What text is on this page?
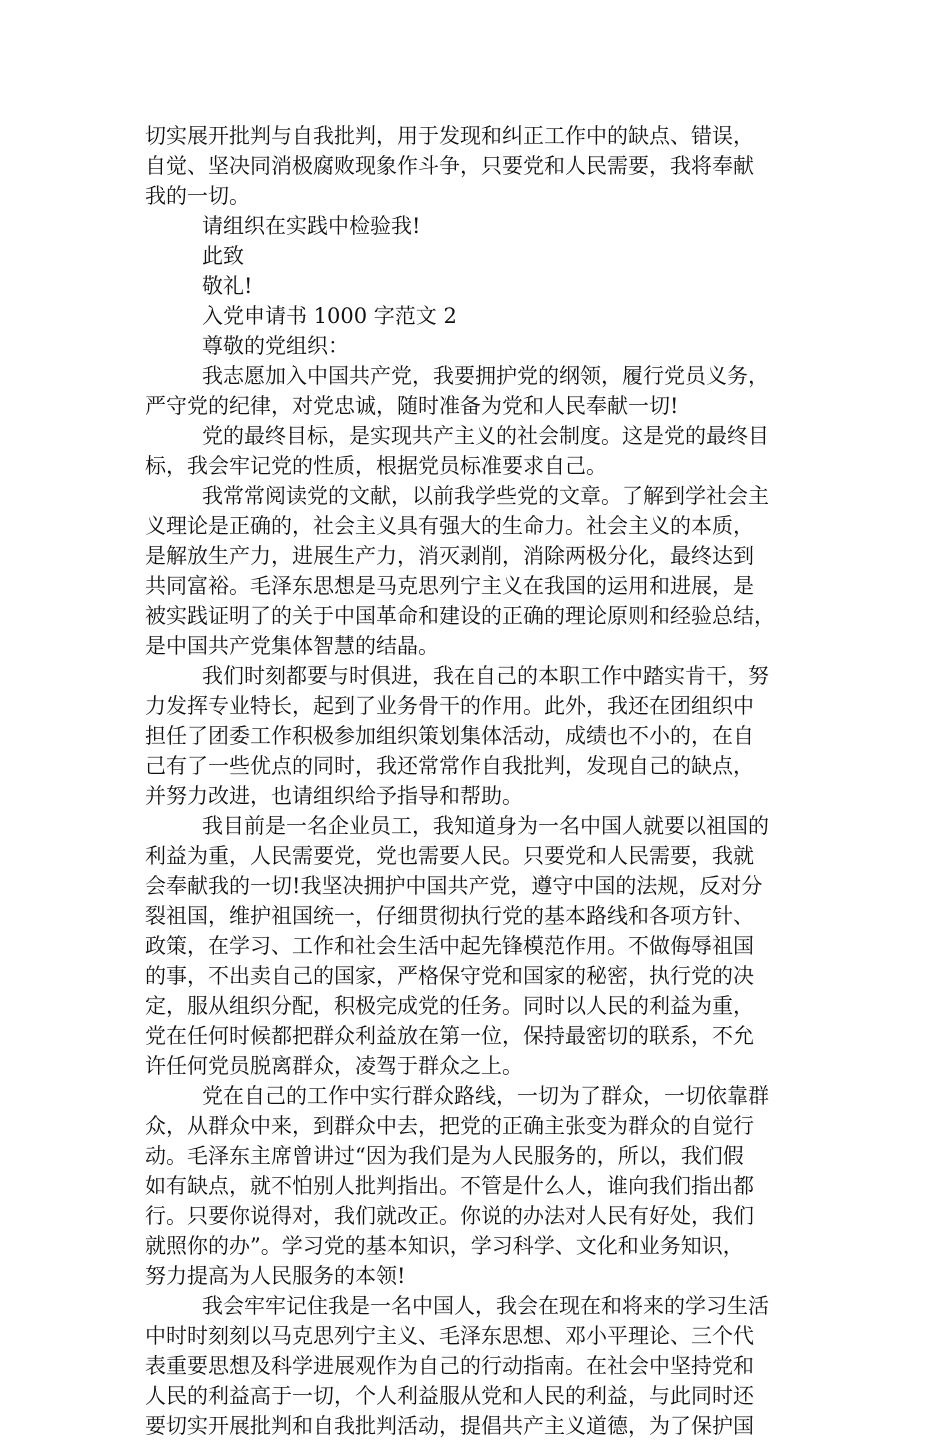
切实展开批判与自我批判，用于发现和纠正工作中的缺点、错误，
自觉、坚决同消极腐败现象作斗争，只要党和人民需要，我将奉献
我的一切。
请组织在实践中检验我!
此致
敬礼!
入党申请书 1000 字范文 2
尊敬的党组织：
我志愿加入中国共产党，我要拥护党的纲领，履行党员义务，
严守党的纪律，对党忠诚，随时准备为党和人民奉献一切!
党的最终目标，是实现共产主义的社会制度。这是党的最终目
标，我会牢记党的性质，根据党员标准要求自己。
我常常阅读党的文献，以前我学些党的文章。了解到学社会主
义理论是正确的，社会主义具有强大的生命力。社会主义的本质，
是解放生产力，进展生产力，消灭剥削，消除两极分化，最终达到
共同富裕。毛泽东思想是马克思列宁主义在我国的运用和进展，是
被实践证明了的关于中国革命和建设的正确的理论原则和经验总结，
是中国共产党集体智慧的结晶。
我们时刻都要与时俱进，我在自己的本职工作中踏实肯干，努
力发挥专业特长，起到了业务骨干的作用。此外，我还在团组织中
担任了团委工作积极参加组织策划集体活动，成绩也不小的，在自
己有了一些优点的同时，我还常常作自我批判，发现自己的缺点，
并努力改进，也请组织给予指导和帮助。
我目前是一名企业员工，我知道身为一名中国人就要以祖国的
利益为重，人民需要党，党也需要人民。只要党和人民需要，我就
会奉献我的一切!我坚决拥护中国共产党，遵守中国的法规，反对分
裂祖国，维护祖国统一，仔细贯彻执行党的基本路线和各项方针、
政策，在学习、工作和社会生活中起先锋模范作用。不做侮辱祖国
的事，不出卖自己的国家，严格保守党和国家的秘密，执行党的决
定，服从组织分配，积极完成党的任务。同时以人民的利益为重，
党在任何时候都把群众利益放在第一位，保持最密切的联系，不允
许任何党员脱离群众，凌驾于群众之上。
党在自己的工作中实行群众路线，一切为了群众，一切依靠群
众，从群众中来，到群众中去，把党的正确主张变为群众的自觉行
动。毛泽东主席曾讲过“因为我们是为人民服务的，所以，我们假
如有缺点，就不怕别人批判指出。不管是什么人，谁向我们指出都
行。只要你说得对，我们就改正。你说的办法对人民有好处，我们
就照你的办”。学习党的基本知识，学习科学、文化和业务知识，
努力提高为人民服务的本领!
我会牢牢记住我是一名中国人，我会在现在和将来的学习生活
中时时刻刻以马克思列宁主义、毛泽东思想、邓小平理论、三个代
表重要思想及科学进展观作为自己的行动指南。在社会中坚持党和
人民的利益高于一切，个人利益服从党和人民的利益，与此同时还
要切实开展批判和自我批判活动，提倡共产主义道德，为了保护国
